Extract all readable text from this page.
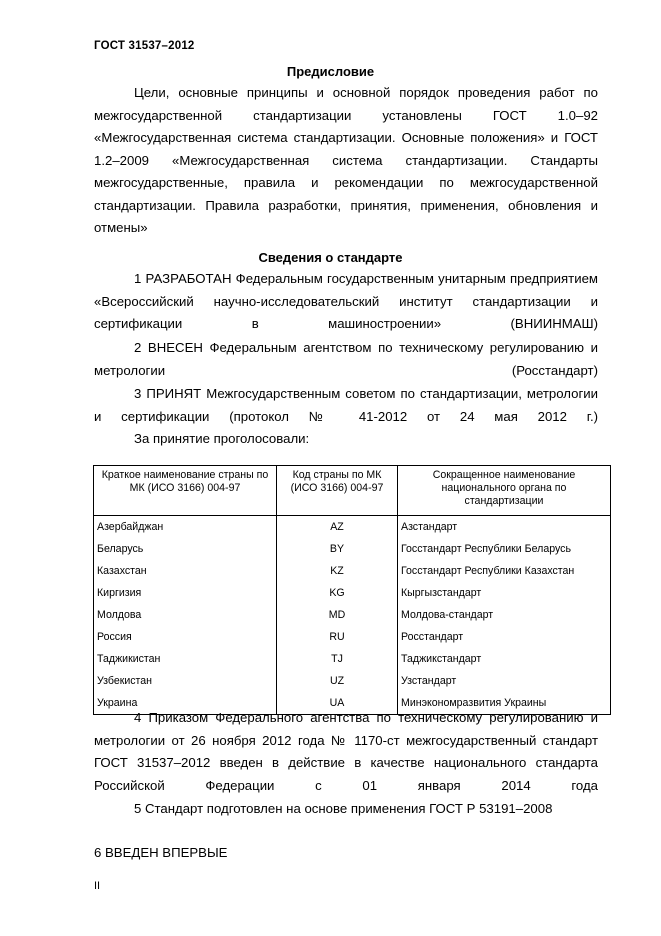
ГОСТ 31537–2012
Предисловие

Цели, основные принципы и основной порядок проведения работ по межгосударственной стандартизации установлены ГОСТ 1.0–92 «Межгосударственная система стандартизации. Основные положения» и ГОСТ 1.2–2009 «Межгосударственная система стандартизации. Стандарты межгосударственные, правила и рекомендации по межгосударственной стандартизации. Правила разработки, принятия, применения, обновления и отмены»

Сведения о стандарте

1 РАЗРАБОТАН Федеральным государственным унитарным предприятием «Всероссийский научно-исследовательский институт стандартизации и сертификации в машиностроении» (ВНИИНМАШ)

2 ВНЕСЕН Федеральным агентством по техническому регулированию и метрологии (Росстандарт)

3 ПРИНЯТ Межгосударственным советом по стандартизации, метрологии и сертификации (протокол № 41-2012 от 24 мая 2012 г.)

За принятие проголосовали:

Краткое наименование страны по МК (ИСО 3166) 004-97	Код страны по МК (ИСО 3166) 004-97	Сокращенное наименование национального органа по стандартизации
Азербайджан	AZ	Азстандарт
Беларусь	BY	Госстандарт Республики Беларусь
Казахстан	KZ	Госстандарт Республики Казахстан
Киргизия	KG	Кыргызстандарт
Молдова	MD	Молдова-стандарт
Россия	RU	Росстандарт
Таджикистан	TJ	Таджикстандарт
Узбекистан	UZ	Узстандарт
Украина	UA	Минэкономразвития Украины

4 Приказом Федерального агентства по техническому регулированию и метрологии от 26 ноября 2012 года № 1170-ст межгосударственный стандарт ГОСТ 31537–2012 введен в действие в качестве национального стандарта Российской Федерации с 01 января 2014 года

5 Стандарт подготовлен на основе применения ГОСТ Р 53191–2008

6 ВВЕДЕН ВПЕРВЫЕ

II
